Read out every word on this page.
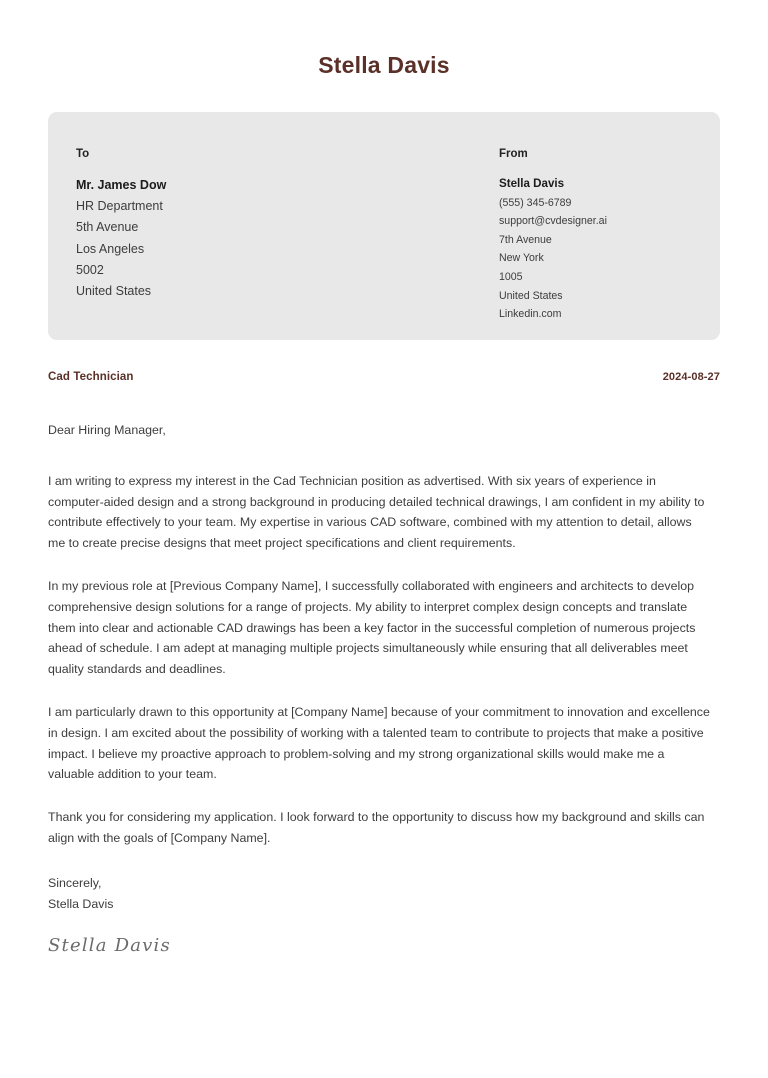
Stella Davis
To
Mr. James Dow
HR Department
5th Avenue
Los Angeles
5002
United States
From
Stella Davis
(555) 345-6789
support@cvdesigner.ai
7th Avenue
New York
1005
United States
Linkedin.com
Cad Technician	2024-08-27

Dear Hiring Manager,

I am writing to express my interest in the Cad Technician position as advertised. With six years of experience in computer-aided design and a strong background in producing detailed technical drawings, I am confident in my ability to contribute effectively to your team. My expertise in various CAD software, combined with my attention to detail, allows me to create precise designs that meet project specifications and client requirements.

In my previous role at [Previous Company Name], I successfully collaborated with engineers and architects to develop comprehensive design solutions for a range of projects. My ability to interpret complex design concepts and translate them into clear and actionable CAD drawings has been a key factor in the successful completion of numerous projects ahead of schedule. I am adept at managing multiple projects simultaneously while ensuring that all deliverables meet quality standards and deadlines.

I am particularly drawn to this opportunity at [Company Name] because of your commitment to innovation and excellence in design. I am excited about the possibility of working with a talented team to contribute to projects that make a positive impact. I believe my proactive approach to problem-solving and my strong organizational skills would make me a valuable addition to your team.

Thank you for considering my application. I look forward to the opportunity to discuss how my background and skills can align with the goals of [Company Name].

Sincerely,
Stella Davis
Stella Davis
